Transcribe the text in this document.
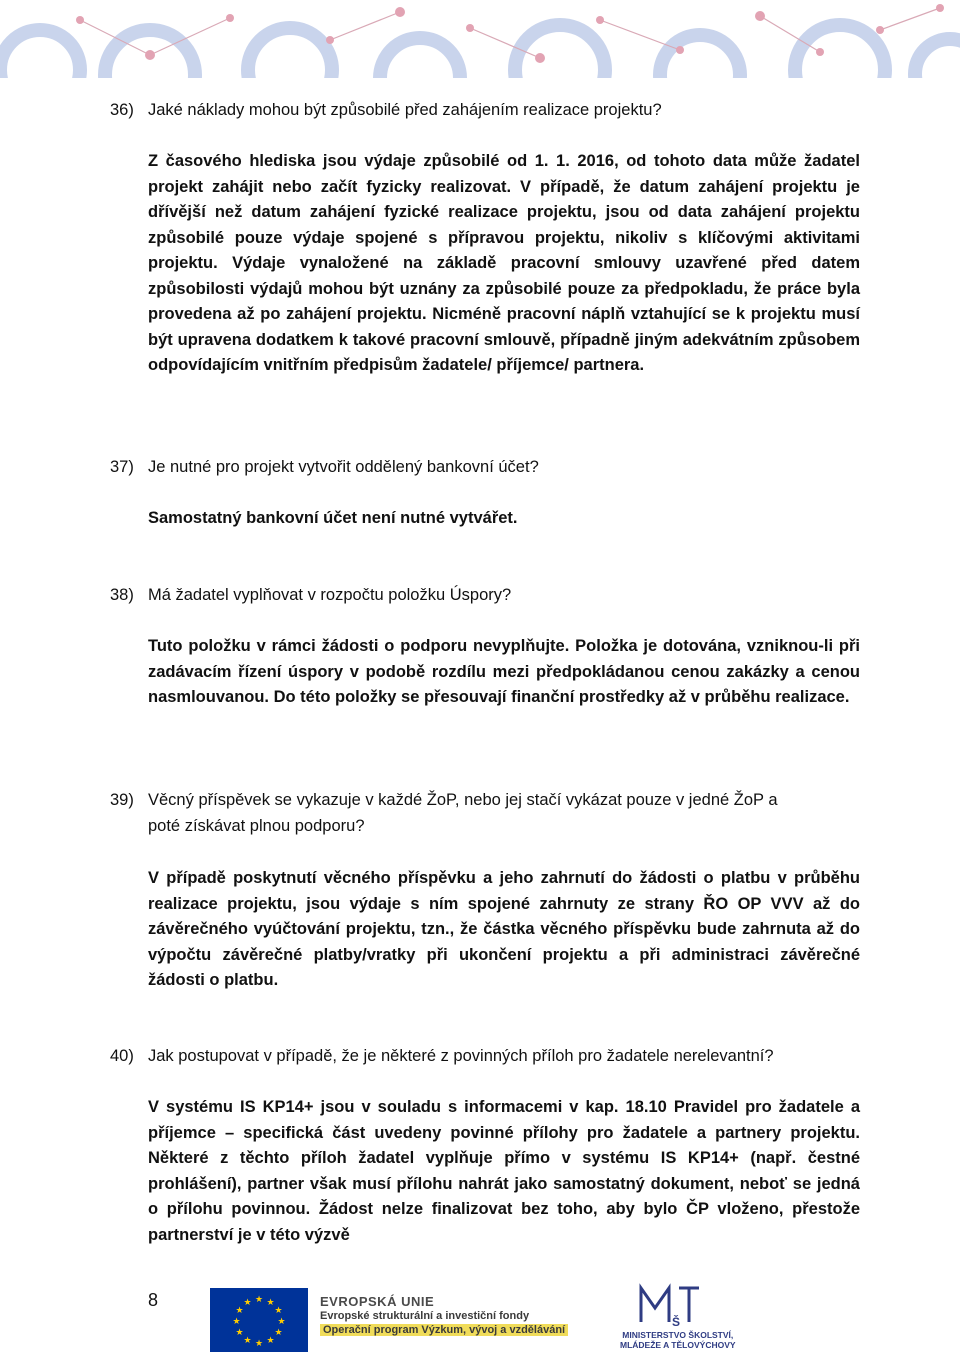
36) Jaké náklady mohou být způsobilé před zahájením realizace projektu?
Z časového hlediska jsou výdaje způsobilé od 1. 1. 2016, od tohoto data může žadatel projekt zahájit nebo začít fyzicky realizovat. V případě, že datum zahájení projektu je dřívější než datum zahájení fyzické realizace projektu, jsou od data zahájení projektu způsobilé pouze výdaje spojené s přípravou projektu, nikoliv s klíčovými aktivitami projektu. Výdaje vynaložené na základě pracovní smlouvy uzavřené před datem způsobilosti výdajů mohou být uznány za způsobilé pouze za předpokladu, že práce byla provedena až po zahájení projektu. Nicméně pracovní náplň vztahující se k projektu musí být upravena dodatkem k takové pracovní smlouvě, případně jiným adekvátním způsobem odpovídajícím vnitřním předpisům žadatele/ příjemce/ partnera.
37) Je nutné pro projekt vytvořit oddělený bankovní účet?
Samostatný bankovní účet není nutné vytvářet.
38) Má žadatel vyplňovat v rozpočtu položku Úspory?
Tuto položku v rámci žádosti o podporu nevyplňujte. Položka je dotována, vzniknou-li při zadávacím řízení úspory v podobě rozdílu mezi předpokládanou cenou zakázky a cenou nasmlouvanou. Do této položky se přesouvají finanční prostředky až v průběhu realizace.
39) Věcný příspěvek se vykazuje v každé ŽoP, nebo jej stačí vykázat pouze v jedné ŽoP a
poté získávat plnou podporu?
V případě poskytnutí věcného příspěvku a jeho zahrnutí do žádosti o platbu v průběhu realizace projektu, jsou výdaje s ním spojené zahrnuty ze strany ŘO OP VVV až do závěrečného vyúčtování projektu, tzn., že částka věcného příspěvku bude zahrnuta až do výpočtu závěrečné platby/vratky při ukončení projektu a při administraci závěrečné žádosti o platbu.
40) Jak postupovat v případě, že je některé z povinných příloh pro žadatele nerelevantní?
V systému IS KP14+ jsou v souladu s informacemi v kap. 18.10 Pravidel pro žadatele a příjemce – specifická část uvedeny povinné přílohy pro žadatele a partnery projektu. Některé z těchto příloh žadatel vyplňuje přímo v systému IS KP14+ (např. čestné prohlášení), partner však musí přílohu nahrát jako samostatný dokument, neboť se jedná o přílohu povinnou. Žádost nelze finalizovat bez toho, aby bylo ČP vloženo, přestože partnerství je v této výzvě
8	★ ★
★
★
★
★
★
★
★
★
★
★	EVROPSKÁ UNIE
Evropské strukturální a investiční fondy
Operační program Výzkum, vývoj a vzdělávání
Š
MINISTERSTVO ŠKOLSTVÍ,
MLÁDEŽE A TĚLOVÝCHOVY
